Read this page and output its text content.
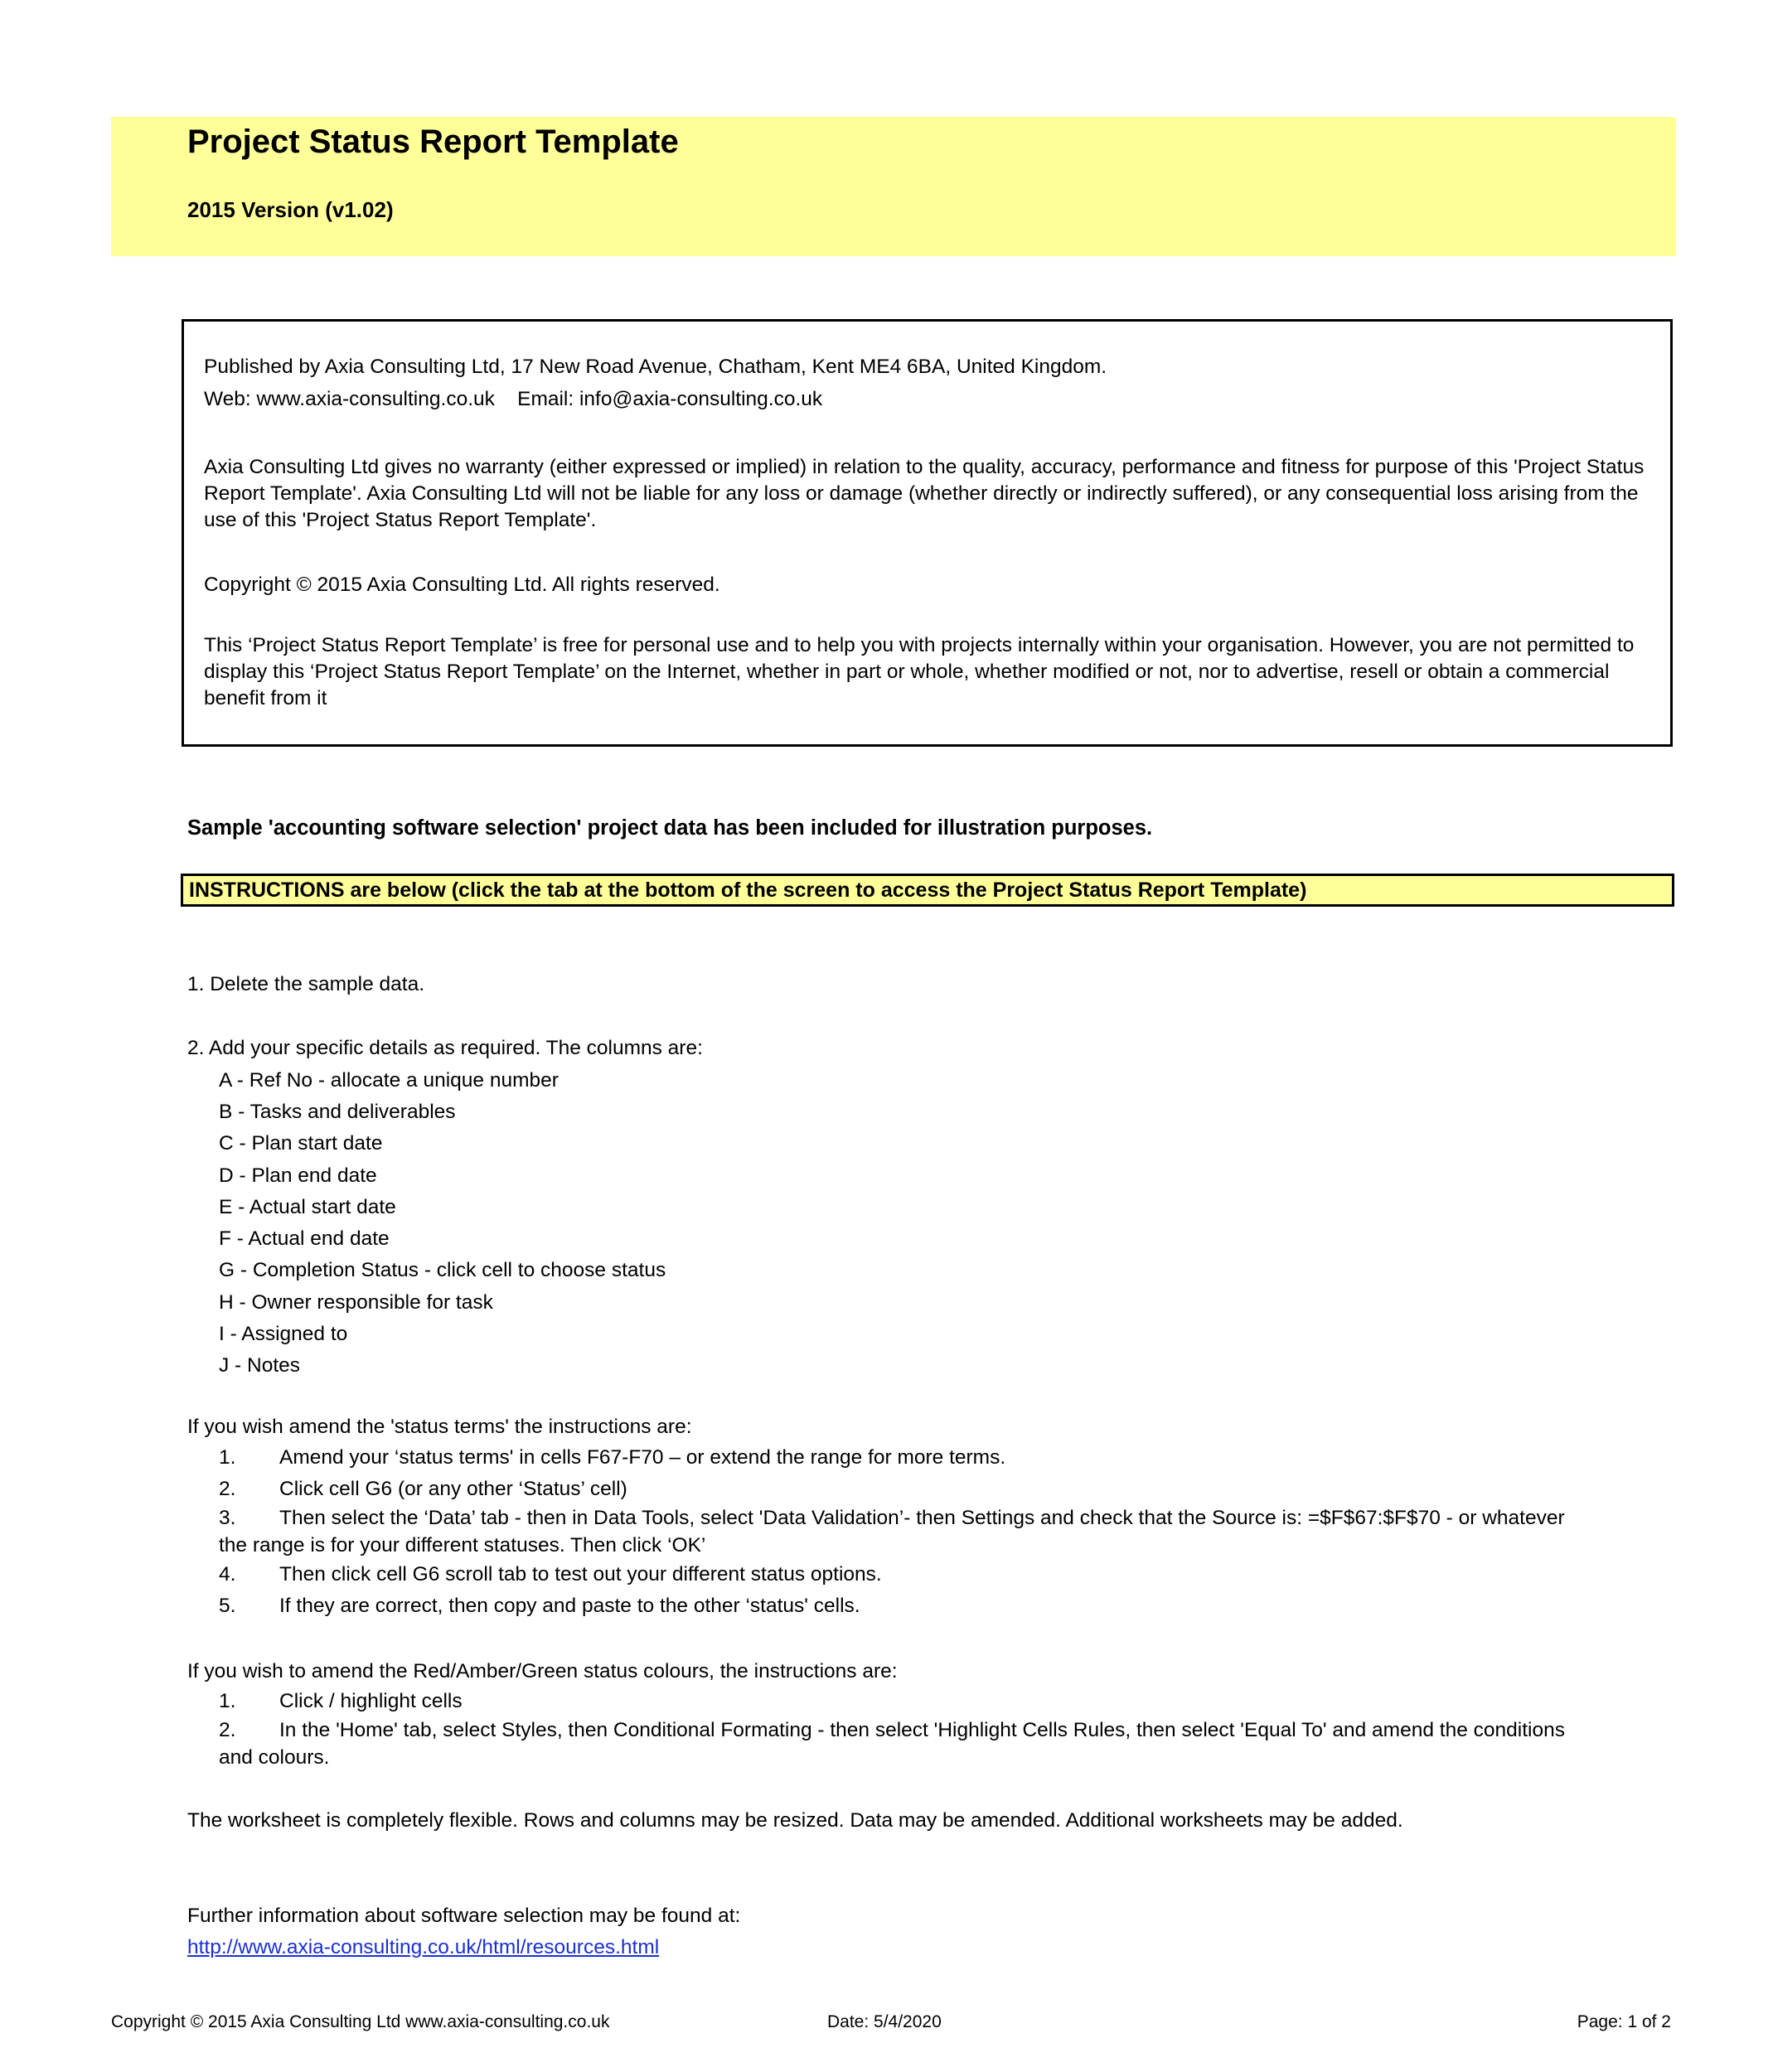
Project Status Report Template
2015 Version (v1.02)

Published by Axia Consulting Ltd, 17 New Road Avenue, Chatham, Kent ME4 6BA, United Kingdom.

Web: www.axia-consulting.co.uk    Email: info@axia-consulting.co.uk

Axia Consulting Ltd gives no warranty (either expressed or implied) in relation to the quality, accuracy, performance and fitness for purpose of this 'Project Status Report Template'. Axia Consulting Ltd will not be liable for any loss or damage (whether directly or indirectly suffered), or any consequential loss arising from the use of this 'Project Status Report Template'.

Copyright © 2015 Axia Consulting Ltd. All rights reserved.

This ‘Project Status Report Template’ is free for personal use and to help you with projects internally within your organisation. However, you are not permitted to display this ‘Project Status Report Template’ on the Internet, whether in part or whole, whether modified or not, nor to advertise, resell or obtain a commercial benefit from it

Sample 'accounting software selection' project data has been included for illustration purposes.
INSTRUCTIONS are below (click the tab at the bottom of the screen to access the Project Status Report Template)
1. Delete the sample data.
2. Add your specific details as required. The columns are:
A - Ref No - allocate a unique number
B - Tasks and deliverables
C - Plan start date
D - Plan end date
E - Actual start date
F - Actual end date
G - Completion Status - click cell to choose status
H - Owner responsible for task
I - Assigned to
J - Notes
If you wish amend the 'status terms' the instructions are:
1. Amend your ‘status terms' in cells F67-F70 – or extend the range for more terms.
2. Click cell G6 (or any other ‘Status’ cell)
3. Then select the ‘Data’ tab - then in Data Tools, select 'Data Validation’- then Settings and check that the Source is: =$F$67:$F$70 - or whatever
the range is for your different statuses. Then click ‘OK’
4. Then click cell G6 scroll tab to test out your different status options.
5. If they are correct, then copy and paste to the other ‘status' cells.
If you wish to amend the Red/Amber/Green status colours, the instructions are:
1. Click / highlight cells
2. In the 'Home' tab, select Styles, then Conditional Formating - then select 'Highlight Cells Rules, then select 'Equal To' and amend the conditions
and colours.
The worksheet is completely flexible. Rows and columns may be resized. Data may be amended. Additional worksheets may be added.
Further information about software selection may be found at:
http://www.axia-consulting.co.uk/html/resources.html
Copyright © 2015 Axia Consulting Ltd www.axia-consulting.co.uk	Date: 5/4/2020	Page: 1 of 2
